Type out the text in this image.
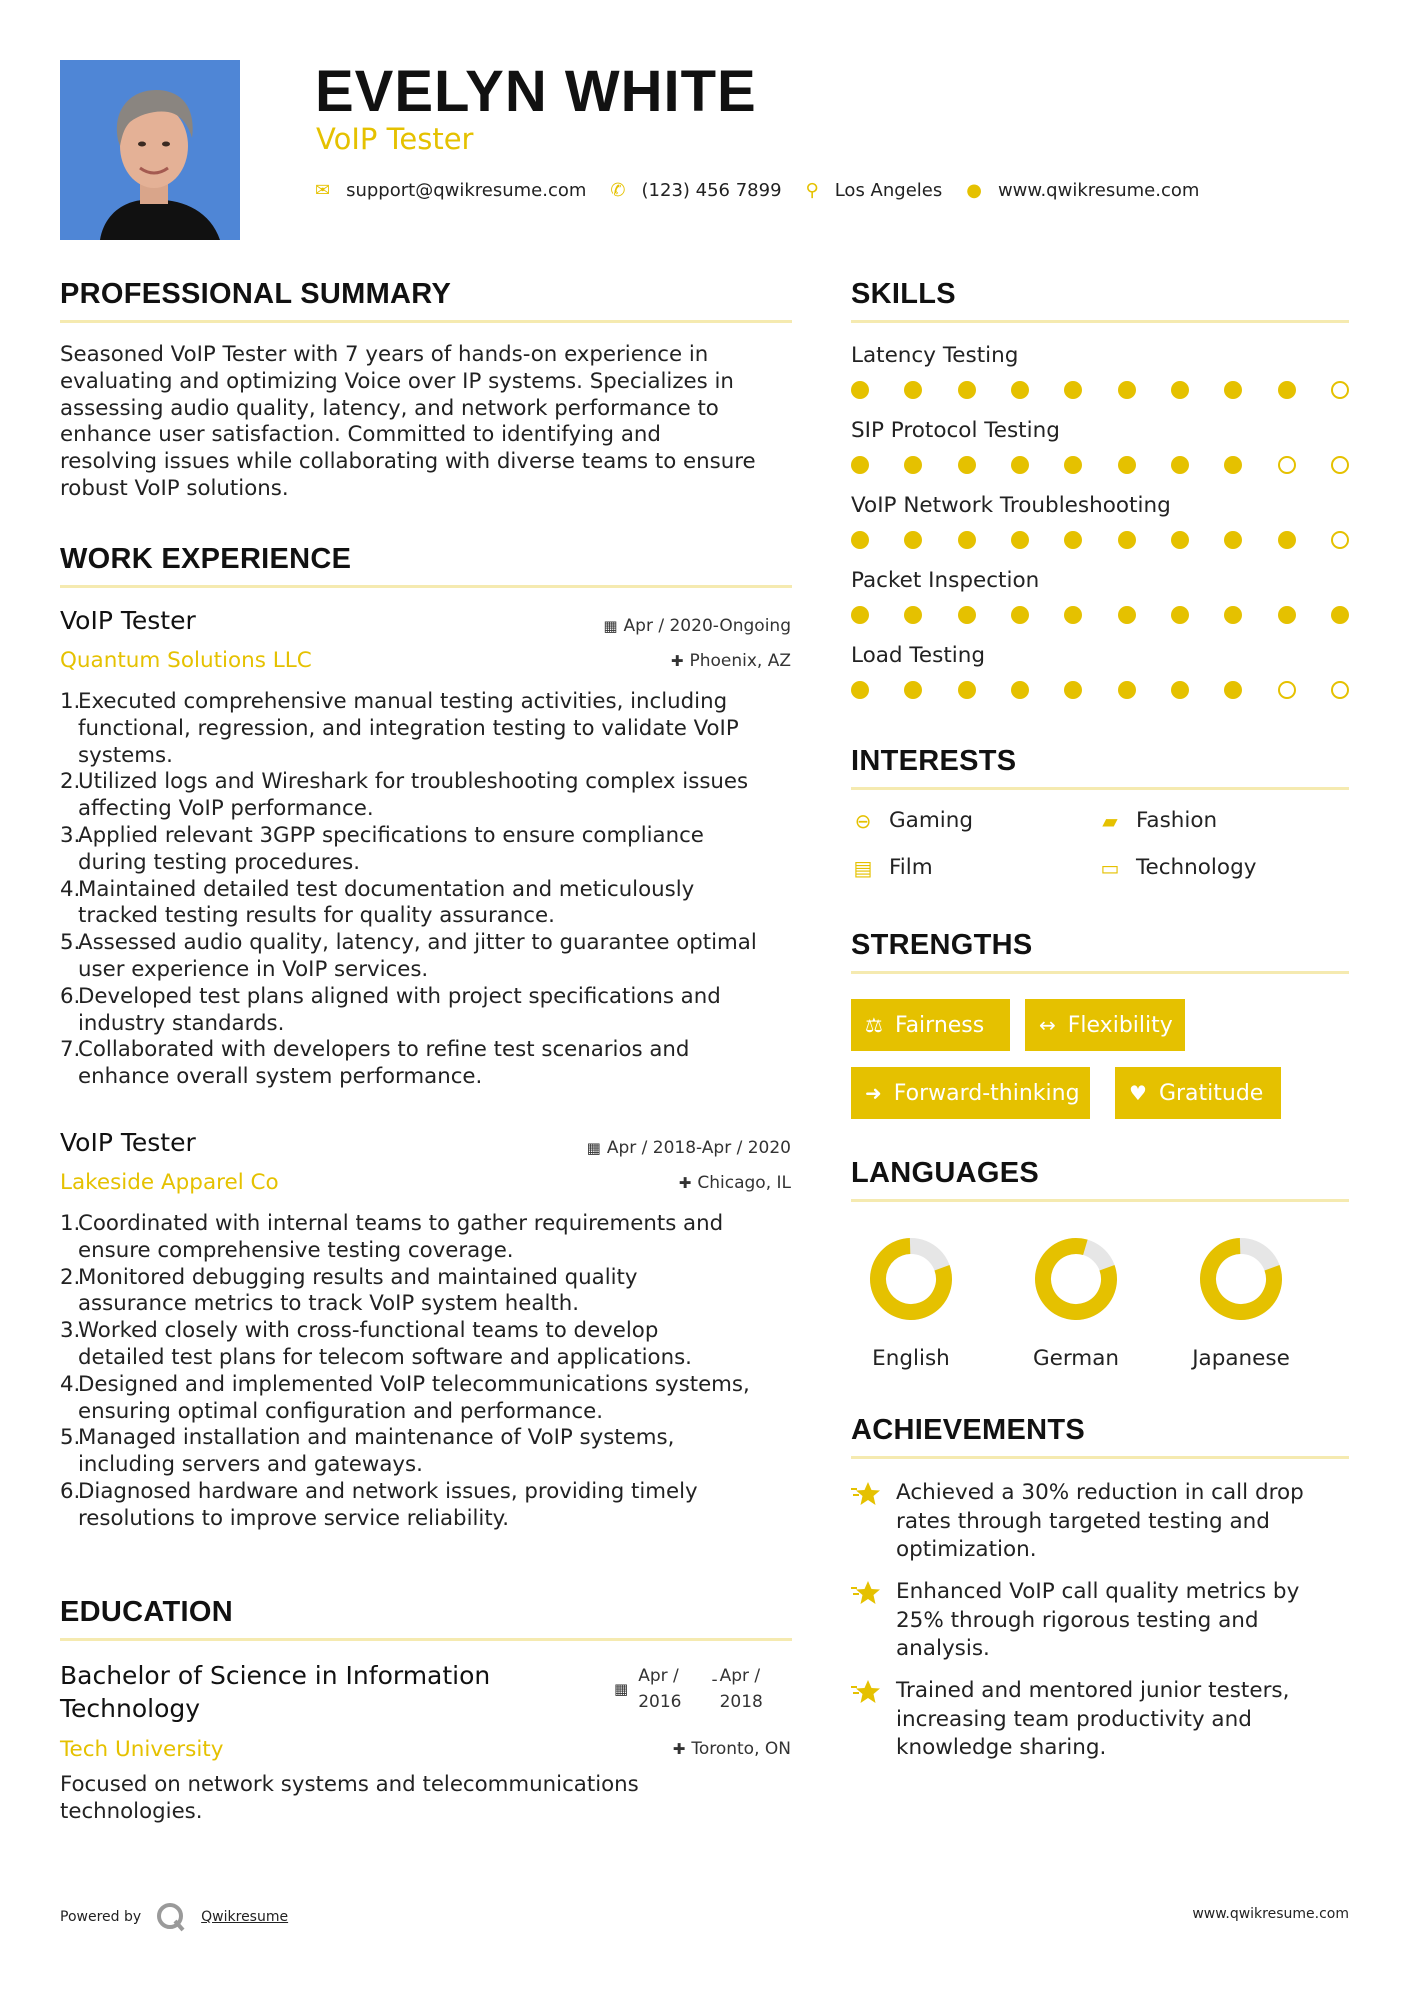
EVELYN WHITE
VoIP Tester
✉ support@qwikresume.com ✆ (123) 456 7899 ⚲ Los Angeles ● www.qwikresume.com
PROFESSIONAL SUMMARY
Seasoned VoIP Tester with 7 years of hands-on experience in
evaluating and optimizing Voice over IP systems. Specializes in
assessing audio quality, latency, and network performance to
enhance user satisfaction. Committed to identifying and
resolving issues while collaborating with diverse teams to ensure
robust VoIP solutions.
WORK EXPERIENCE
VoIP Tester
Quantum Solutions LLC
▦ Apr / 2020-Ongoing
✚ Phoenix, AZ
1.
Executed comprehensive manual testing activities, including
functional, regression, and integration testing to validate VoIP
systems.
2.
Utilized logs and Wireshark for troubleshooting complex issues
affecting VoIP performance.
3.
Applied relevant 3GPP specifications to ensure compliance
during testing procedures.
4.
Maintained detailed test documentation and meticulously
tracked testing results for quality assurance.
5.
Assessed audio quality, latency, and jitter to guarantee optimal
user experience in VoIP services.
6.
Developed test plans aligned with project specifications and
industry standards.
7.
Collaborated with developers to refine test scenarios and
enhance overall system performance.
VoIP Tester
Lakeside Apparel Co
▦ Apr / 2018-Apr / 2020
✚ Chicago, IL
1.
Coordinated with internal teams to gather requirements and
ensure comprehensive testing coverage.
2.
Monitored debugging results and maintained quality
assurance metrics to track VoIP system health.
3.
Worked closely with cross-functional teams to develop
detailed test plans for telecom software and applications.
4.
Designed and implemented VoIP telecommunications systems,
ensuring optimal configuration and performance.
5.
Managed installation and maintenance of VoIP systems,
including servers and gateways.
6.
Diagnosed hardware and network issues, providing timely
resolutions to improve service reliability.
EDUCATION
Bachelor of Science in Information
Technology
Tech University
▦
Apr /
2016
- Apr /
2018
✚ Toronto, ON
Focused on network systems and telecommunications
technologies.
SKILLS
Latency Testing
SIP Protocol Testing
VoIP Network Troubleshooting
Packet Inspection
Load Testing
INTERESTS
⊖ Gaming	▰ Fashion
▤ Film	▭ Technology
STRENGTHS
⚖ Fairness	↔ Flexibility
➜ Forward-thinking ♥ Gratitude
LANGUAGES
English	German	Japanese
ACHIEVEMENTS
Achieved a 30% reduction in call drop
rates through targeted testing and
optimization.
Enhanced VoIP call quality metrics by
25% through rigorous testing and
analysis.
Trained and mentored junior testers,
increasing team productivity and
knowledge sharing.
Powered by	Qwikresume	www.qwikresume.com
